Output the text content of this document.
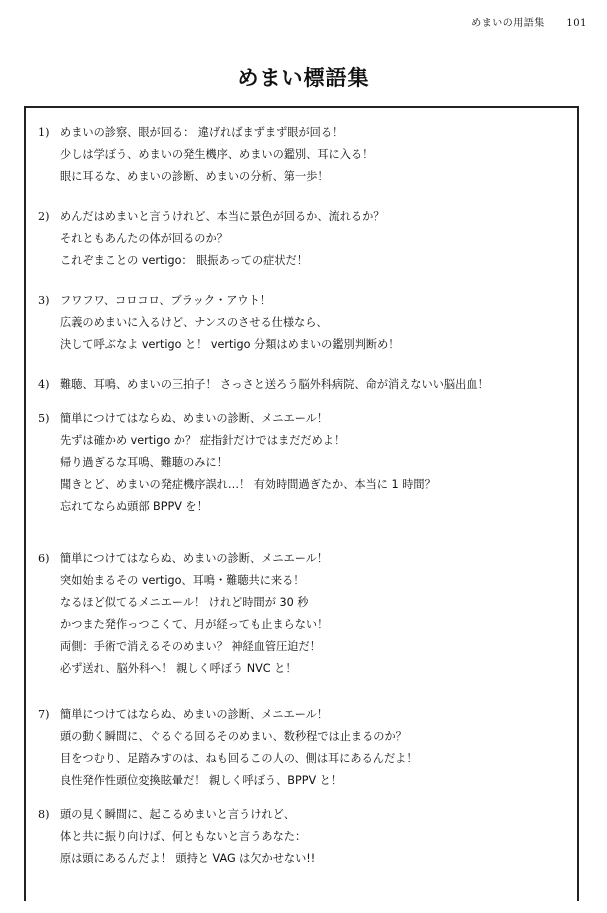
めまいの用語集 101
めまい標語集
1) めまいの診察、眼が回る： 違げればまずまず眼が回る！
少しは学ぼう、めまいの発生機序、めまいの鑑別、耳に入る！
眼に耳るな、めまいの診断、めまいの分析、第一歩！
2) めんだはめまいと言うけれど、本当に景色が回るか、流れるか？
それともあんたの体が回るのか？
これぞまことの vertigo： 眼振あっての症状だ！
3) フワフワ、コロコロ、ブラック・アウト！
広義のめまいに入るけど、ナンスのさせる仕様なら、
決して呼ぶなよ vertigo と！ vertigo 分類はめまいの鑑別判断め！
4) 難聴、耳鳴、めまいの三拍子！ さっさと送ろう脳外科病院、命が消えないい脳出血！
5) 簡単につけてはならぬ、めまいの診断、メニエール！
先ずは確かめ vertigo か？ 症指針だけではまだだめよ！
帰り過ぎるな耳鳴、難聴のみに！
聞きとど、めまいの発症機序誤れ…！ 有効時間過ぎたか、本当に 1 時間？
忘れてならぬ頭部 BPPV を！
6) 簡単につけてはならぬ、めまいの診断、メニエール！
突如始まるその vertigo、耳鳴・難聴共に来る！
なるほど似てるメニエール！ けれど時間が 30 秒
かつまた発作っつこくて、月が経っても止まらない！
両側：手術で消えるそのめまい？ 神経血管圧迫だ！
必ず送れ、脳外科へ！ 親しく呼ぼう NVC と！
7) 簡単につけてはならぬ、めまいの診断、メニエール！
頭の動く瞬間に、ぐるぐる回るそのめまい、数秒程では止まるのか？
目をつむり、足踏みすのは、ねも回るこの人の、側は耳にあるんだよ！
良性発作性頭位変換眩暈だ！ 親しく呼ぼう、BPPV と！
8) 頭の見く瞬間に、起こるめまいと言うけれど、
体と共に振り向けば、何ともないと言うあなた：
原は頭にあるんだよ！ 頭持と VAG は欠かせない!!
